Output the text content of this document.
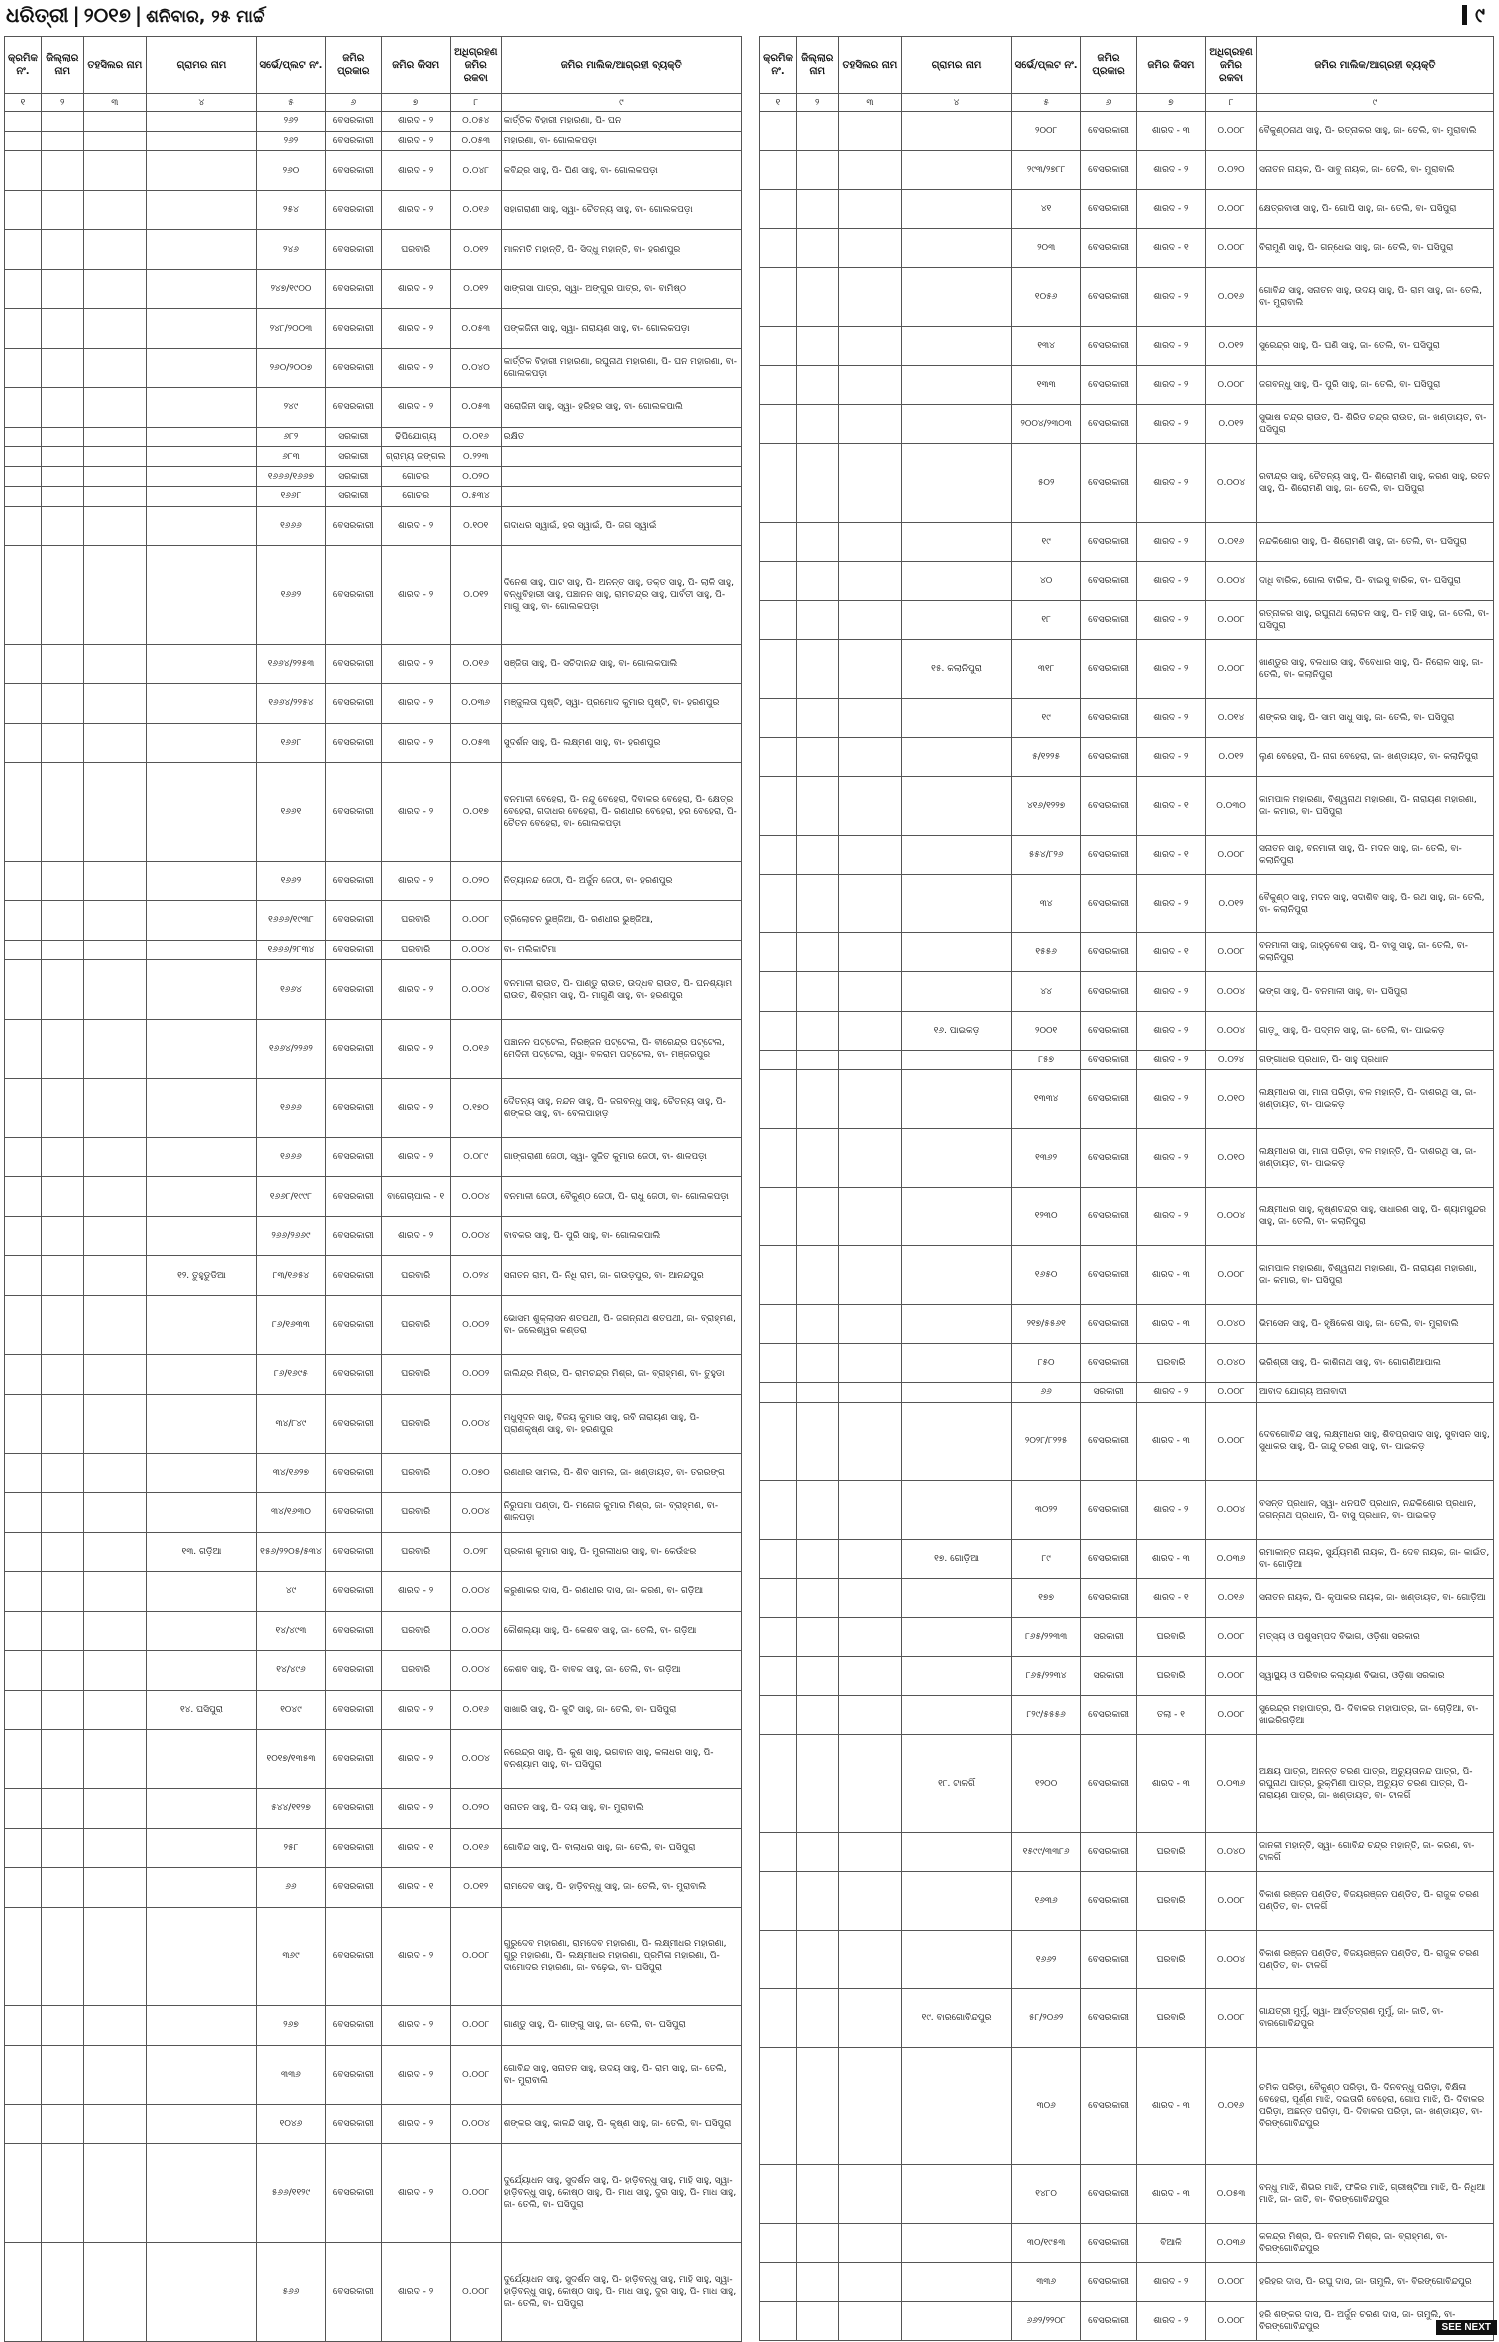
ଧରିତ୍ରୀ | ୨୦୧୭ | ଶନିବାର, ୨୫ ମାର୍ଚ୍ଚ	୯
କ୍ରମିକ ନଂ.	ଜିଲ୍ଲାର ନାମ	ତହସିଲର ନାମ	ଗ୍ରାମର ନାମ	ସର୍ଭେ/ପ୍ଲଟ ନଂ.	ଜମିର ପ୍ରକାର	ଜମିର କିସମ	ଅଧିଗ୍ରହଣ ଜମିର ରକବା	ଜମିର ମାଲିକ/ଆଗ୍ରହୀ ବ୍ୟକ୍ତି
୧	୨	୩	୪	୫	୬	୭	୮	୯
				୨୬୨	ବେସରକାରୀ	ଶାରଦ - ୨	୦.୦୫୪	କାର୍ତ୍ତିକ ବିହାରୀ ମହାରଣା, ପି- ଘନ
				୨୬୨	ବେସରକାରୀ	ଶାରଦ - ୨	୦.୦୫୩	ମହାରଣା, ବା- ଗୋଲକପଡ଼ା
				୨୬୦	ବେସରକାରୀ	ଶାରଦ - ୨	୦.୦୪୮	କବିନ୍ଦ୍ର ସାହୁ, ପି- ଘିଣ ସାହୁ, ବା- ଗୋଲକପଡ଼ା
				୨୫୪	ବେସରକାରୀ	ଶାରଦ - ୨	୦.୦୧୬	ସହାଗରାଣୀ ସାହୁ, ସ୍ୱା- ଚୈତନ୍ୟ ସାହୁ, ବା- ଗୋଲକପଡ଼ା
				୨୪୬	ବେସରକାରୀ	ଘରବାରି	୦.୦୧୨	ମାଳମତି ମହାନ୍ତି, ପି- ସିଦ୍ଧୁ ମହାନ୍ତି, ବା- ହରଣପୁର
				୨୪୭/୧୯୦୦	ବେସରକାରୀ	ଶାରଦ - ୨	୦.୦୧୨	ସାଙ୍ଗସା ପାତ୍ର, ସ୍ୱା- ଅଙ୍ଗୁର ପାତ୍ର, ବା- ବାମିଷ୍ଠ
				୨୪୮/୨୦୦୩	ବେସରକାରୀ	ଶାରଦ - ୨	୦.୦୫୩	ପଙ୍କଜିନୀ ସାହୁ, ସ୍ୱା- ନାରାୟଣ ସାହୁ, ବା- ଗୋଲକପଡ଼ା
				୨୬୦/୨୦୦୭	ବେସରକାରୀ	ଶାରଦ - ୨	୦.୦୪୦	କାର୍ତ୍ତିକ ବିହାରୀ ମହାରଣା, ରଘୁନାଥ ମହାରଣା, ପି- ଘନ ମହାରଣା, ବା- ଗୋଲକପଡ଼ା
				୨୪୯	ବେସରକାରୀ	ଶାରଦ - ୨	୦.୦୫୩	ସରୋଜିନୀ ସାହୁ, ସ୍ୱା- ହରିହର ସାହୁ, ବା- ଗୋଲକପାଲି
				୬୮୨	ସରକାରୀ	ଢିପିଯୋଗ୍ୟ	୦.୦୧୬	ରକ୍ଷିତ
				୬୮୩	ସରକାରୀ	ଗ୍ରାମ୍ୟ ଜଙ୍ଗଲ	୦.୨୨୩	
				୧୬୬୬/୧୬୬୭	ସରକାରୀ	ଗୋଚର	୦.୦୨୦	
				୧୬୬୮	ସରକାରୀ	ଗୋଚର	୦.୫୩୪	
				୧୬୬୬	ବେସରକାରୀ	ଶାରଦ - ୨	୦.୧୦୧	ଗଦାଧର ସ୍ୱାଇଁ, ହର ସ୍ୱାଇଁ, ପି- ଜଗ ସ୍ୱାଇଁ
				୧୬୬୨	ବେସରକାରୀ	ଶାରଦ - ୨	୦.୦୧୨	ଦିନେଶ ସାହୁ, ପାଟ ସାହୁ, ପି- ଅନନ୍ତ ସାହୁ, ଡକ୍ତ ସାହୁ, ପି- ଲାଳି ସାହୁ, ବନ୍ଧୁବିହାରୀ ସାହୁ, ପଞ୍ଚାନନ ସାହୁ, ରାମଚନ୍ଦ୍ର ସାହୁ, ପାର୍ବତୀ ସାହୁ, ପି- ମାଗୁ ସାହୁ, ବା- ଗୋଲକପଡ଼ା
				୧୬୬୪/୨୨୫୩	ବେସରକାରୀ	ଶାରଦ - ୨	୦.୦୧୬	ସଞ୍ଜିତା ସାହୁ, ପି- ସଚିଦାନନ୍ଦ ସାହୁ, ବା- ଗୋଲକପାଲି
				୧୬୬୪/୨୨୫୪	ବେସରକାରୀ	ଶାରଦ - ୨	୦.୦୩୬	ମଞ୍ଜୁଲତା ପୃଷ୍ଟି, ସ୍ୱା- ପ୍ରମୋଦ କୁମାର ପୃଷ୍ଟି, ବା- ହରଣପୁର
				୧୬୬୮	ବେସରକାରୀ	ଶାରଦ - ୨	୦.୦୫୩	ସୁଦର୍ଶନ ସାହୁ, ପି- ଲକ୍ଷ୍ମଣ ସାହୁ, ବା- ହରଣପୁର
				୧୬୬୧	ବେସରକାରୀ	ଶାରଦ - ୨	୦.୦୧୭	ବନମାଳୀ ବେହେରା, ପି- ନନ୍ଦୁ ବେହେରା, ଦିବାକର ବେହେରା, ପି- କ୍ଷେତ୍ର ବେହେରା, ଗଦାଧର ବେହେରା, ପି- ରଣଧୀର ବେହେରା, ହର ବେହେରା, ପି- ଚୈତନ ବେହେରା, ବା- ଗୋଲକପଡ଼ା
				୧୬୬୨	ବେସରକାରୀ	ଶାରଦ - ୨	୦.୦୨୦	ନିତ୍ୟାନନ୍ଦ ଜେଠୀ, ପି- ଅର୍ଜୁନ ଜେଠୀ, ବା- ହରଣପୁର
				୧୬୬୬/୧୯୩୮	ବେସରକାରୀ	ଘରବାରି	୦.୦୦୮	ତ୍ରିଲୋଚନ ଭୁଞ୍ଜିଆ, ପି- ରଣଧୀର ଭୁଞ୍ଜିଆ,
				୧୬୬୬/୨୮୩୪	ବେସରକାରୀ	ଘରବାରି	୦.୦୦୪	ବା- ମଲିକାଟିମା
				୧୬୬୪	ବେସରକାରୀ	ଶାରଦ - ୨	୦.୦୦୪	ବନମାଳୀ ରାଉତ, ପି- ପାଣ୍ଡୁ ରାଉତ, ଉଦ୍ଧବ ରାଉତ, ପି- ଘନଶ୍ୟାମ ରାଉତ, ଶିବ୍ରାମ ସାହୁ, ପି- ମାଗୁଣି ସାହୁ, ବା- ହରଣପୁର
				୧୬୬୪/୨୨୬୨	ବେସରକାରୀ	ଶାରଦ - ୨	୦.୦୧୬	ପଞ୍ଚାନନ ପଟ୍ଟେଲ, ନିରଞ୍ଜନ ପଟ୍ଟେଲ, ପି- ବୀରେନ୍ଦ୍ର ପଟ୍ଟେଲ, ମେଦିନୀ ପଟ୍ଟେଲ, ସ୍ୱା- ବଳରାମ ପଟ୍ଟେଲ, ବା- ମଞ୍ଜରପୁର
				୧୬୬୬	ବେସରକାରୀ	ଶାରଦ - ୨	୦.୧୭୦	ଦୈତନ୍ୟ ସାହୁ, ନନ୍ଦନ ସାହୁ, ପି- ଜଗବନ୍ଧୁ ସାହୁ, ଚୈତନ୍ୟ ସାହୁ, ପି- ଶଙ୍କର ସାହୁ, ବା- ବେଲପାହାଡ଼
				୧୬୬୬	ବେସରକାରୀ	ଶାରଦ - ୨	୦.୦୮୯	ଗାଙ୍ଗରାଣୀ ଜେଠୀ, ସ୍ୱା- ସୁଜିତ କୁମାର ଜେଠୀ, ବା- ଶାଳପଡ଼ା
				୧୬୬୮/୧୯୯୮	ବେସରକାରୀ	ବାଗେଚାପାଲ - ୧	୦.୦୦୪	ବନମାଳୀ ଜେଠୀ, ବୈକୁଣ୍ଠ ଜେଠୀ, ପି- ରାଧୁ ଜେଠୀ, ବା- ଗୋଲକପଡ଼ା
				୨୬୬/୨୬୬୯	ବେସରକାରୀ	ଶାରଦ - ୨	୦.୦୦୪	ବାବକର ସାହୁ, ପି- ପୁରି ସାହୁ, ବା- ଗୋଲକପାଲି
			୧୨. ତୁହୁଡୁଡିଆ	୮୩/୧୬୫୪	ବେସରକାରୀ	ଘରବାରି	୦.୦୨୪	ସନାତନ ରାମ, ପି- ନିଧି ରାମ, ଜା- ଗଉଡ଼ପୁର, ବା- ଆନନ୍ଦପୁର
				୮୬/୧୬୩୩	ବେସରକାରୀ	ଘରବାରି	୦.୦୦୨	ଭୋସମ ଶୁକ୍ଲାସନ ଶତପଥୀ, ପି- ଜଗନ୍ନାଥ ଶତପଥୀ, ଜା- ବ୍ରାହ୍ମଣ, ବା- ଜଲେଶ୍ୱର କଣ୍ଡରା
				୮୬/୧୬୯୫	ବେସରକାରୀ	ଘରବାରି	୦.୦୦୨	ଜାଲିନ୍ଦ୍ର ମିଶ୍ର, ପି- ରାମଚନ୍ଦ୍ର ମିଶ୍ର, ଜା- ବ୍ରାହ୍ମଣ, ବା- ତୁହୁଡା
				୩୪/୮୪୯	ବେସରକାରୀ	ଘରବାରି	୦.୦୦୪	ମଧୁସୂଦନ ସାହୁ, ବିଜୟ କୁମାର ସାହୁ, ରବି ନାରାୟଣ ସାହୁ, ପି- ପ୍ରାଣକୃଷ୍ଣ ସାହୁ, ବା- ହରଣପୁର
				୩୪/୧୬୨୭	ବେସରକାରୀ	ଘରବାରି	୦.୦୭୦	ରଣଧୀର ସାମଲ, ପି- ଶିବ ସାମଲ, ଜା- ଖଣ୍ଡାୟତ, ବା- ତରରଙ୍ଗ
				୩୪/୧୬୩୦	ବେସରକାରୀ	ଘରବାରି	୦.୦୦୪	ନିରୁପମା ପଣ୍ଡା, ପି- ମନୋଜ କୁମାର ମିଶ୍ର, ଜା- ବ୍ରାହ୍ମଣ, ବା- ଶାଳପଡ଼ା
			୧୩. ଗଡ଼ିଆ	୧୫୬/୨୨୦୫/୫୩୪	ବେସରକାରୀ	ଘରବାରି	୦.୦୨୮	ପ୍ରକାଶ କୁମାର ସାହୁ, ପି- ମୁରଲୀଧର ସାହୁ, ବା- କେଉଁଝର
				୪୯	ବେସରକାରୀ	ଶାରଦ - ୨	୦.୦୦୪	କରୁଣାକର ଦାସ, ପି- ରଣଧୀର ଦାସ, ଜା- କରଣ, ବା- ଗଡ଼ିଆ
				୧୪/୪୯୩	ବେସରକାରୀ	ଘରବାରି	୦.୦୦୪	କୌଶଲ୍ୟା ସାହୁ, ପି- କେଶବ ସାହୁ, ଜା- ତେଲି, ବା- ଗଡ଼ିଆ
				୧୪/୪୯୬	ବେସରକାରୀ	ଘରବାରି	୦.୦୦୪	କେଶବ ସାହୁ, ପି- ବାବକ ସାହୁ, ଜା- ତେଲି, ବା- ଗଡ଼ିଆ
			୧୪. ଘସିପୁରା	୧୦୪୯	ବେସରକାରୀ	ଶାରଦ - ୨	୦.୦୧୬	ସାଖାରି ସାହୁ, ପି- କୁଟି ସାହୁ, ଜା- ତେଲି, ବା- ଘସିପୁରା
				୧୦୧୭/୧୩୫୩	ବେସରକାରୀ	ଶାରଦ - ୨	୦.୦୦୪	ନରେନ୍ଦ୍ର ସାହୁ, ପି- କୁଶ ସାହୁ, ଭଗବାନ ସାହୁ, କଳାଧର ସାହୁ, ପି- ବନଶ୍ୟାମ ସାହୁ, ବା- ଘସିପୁରା
				୫୪୪/୧୧୨୭	ବେସରକାରୀ	ଶାରଦ - ୨	୦.୦୨୦	ସନାତନ ସାହୁ, ପି- ଦୟ ସାହୁ, ବା- ମୁରାବାଲି
				୨୫୮	ବେସରକାରୀ	ଶାରଦ - ୧	୦.୦୧୬	ଗୋବିନ୍ଦ ସାହୁ, ପି- ବାଲାଧର ସାହୁ, ଜା- ତେଲି, ବା- ଘସିପୁରା
				୬୬	ବେସରକାରୀ	ଶାରଦ - ୧	୦.୦୧୨	ରାମଦେବ ସାହୁ, ପି- ହାଡ଼ିବନ୍ଧୁ ସାହୁ, ଜା- ତେଲି, ବା- ମୁରାବାଲି
				୩୬୯	ବେସରକାରୀ	ଶାରଦ - ୨	୦.୦୦୮	ଗୁରୁଦେବ ମହାରଣା, ରାମଦେବ ମହାରଣା, ପି- ଲକ୍ଷ୍ମୀଧର ମହାରଣା, ଗୁରୁ ମହାରଣା, ପି- ଲକ୍ଷ୍ମୀଧର ମହାରଣା, ପ୍ରମିଳା ମହାରଣା, ପି- ଦାମୋଦର ମହାରଣା, ଜା- ବଢ଼େଇ, ବା- ଘସିପୁରା
				୨୬୭	ବେସରକାରୀ	ଶାରଦ - ୨	୦.୦୦୮	ଗାଣ୍ଡୁ ସାହୁ, ପି- ଗାଙ୍ଗୁ ସାହୁ, ଜା- ତେଲି, ବା- ଘସିପୁରା
				୩୩୬	ବେସରକାରୀ	ଶାରଦ - ୨	୦.୦୦୮	ଗୋବିନ୍ଦ ସାହୁ, ସନାତନ ସାହୁ, ଉଦୟ ସାହୁ, ପି- ରାମ ସାହୁ, ଜା- ତେଲି, ବା- ମୁରାବାଲି
				୧୦୪୬	ବେସରକାରୀ	ଶାରଦ - ୨	୦.୦୦୪	ଶଙ୍କର ସାହୁ, କାଳନ୍ଦି ସାହୁ, ପି- କୃଷ୍ଣ ସାହୁ, ଜା- ତେଲି, ବା- ଘସିପୁରା
				୫୬୬/୧୧୨୯	ବେସରକାରୀ	ଶାରଦ - ୨	୦.୦୦୮	ଦୁର୍ଯ୍ୟୋଧନ ସାହୁ, ସୁଦର୍ଶନ ସାହୁ, ପି- ହାଡ଼ିବନ୍ଧୁ ସାହୁ, ମାହି ସାହୁ, ସ୍ୱା- ହାଡ଼ିବନ୍ଧୁ ସାହୁ, କୋଷ୍ଠ ସାହୁ, ପି- ମାଧ ସାହୁ, ଦୁର ସାହୁ, ପି- ମାଧ ସାହୁ, ଜା- ତେଲି, ବା- ଘସିପୁରା
				୫୬୬	ବେସରକାରୀ	ଶାରଦ - ୨	୦.୦୦୮	ଦୁର୍ଯ୍ୟୋଧନ ସାହୁ, ସୁଦର୍ଶନ ସାହୁ, ପି- ହାଡ଼ିବନ୍ଧୁ ସାହୁ, ମାହି ସାହୁ, ସ୍ୱା- ହାଡ଼ିବନ୍ଧୁ ସାହୁ, କୋଷ୍ଠ ସାହୁ, ପି- ମାଧ ସାହୁ, ଦୁର ସାହୁ, ପି- ମାଧ ସାହୁ, ଜା- ତେଲି, ବା- ଘସିପୁରା
କ୍ରମିକ ନଂ.	ଜିଲ୍ଲାର ନାମ	ତହସିଲର ନାମ	ଗ୍ରାମର ନାମ	ସର୍ଭେ/ପ୍ଲଟ ନଂ.	ଜମିର ପ୍ରକାର	ଜମିର କିସମ	ଅଧିଗ୍ରହଣ ଜମିର ରକବା	ଜମିର ମାଲିକ/ଆଗ୍ରହୀ ବ୍ୟକ୍ତି
୧	୨	୩	୪	୫	୬	୭	୮	୯
				୨୦୦୮	ବେସରକାରୀ	ଶାରଦ - ୩	୦.୦୦୮	ବୈକୁଣ୍ଠନାଥ ସାହୁ, ପି- ରତ୍ନାକର ସାହୁ, ଜା- ତେଲି, ବା- ମୁରାବାଲି
				୨୯୩/୨୭୮୮	ବେସରକାରୀ	ଶାରଦ - ୨	୦.୦୨୦	ସନାତନ ନାୟକ, ପି- ସାବୁ ନାୟକ, ଜା- ତେଲି, ବା- ମୁରାବାଲି
				୪୧	ବେସରକାରୀ	ଶାରଦ - ୨	୦.୦୦୮	କ୍ଷେତ୍ରବାସୀ ସାହୁ, ପି- ଗୋପି ସାହୁ, ଜା- ତେଲି, ବା- ଘସିପୁରା
				୨୦୩	ବେସରକାରୀ	ଶାରଦ - ୧	୦.୦୦୮	ବିରାମୁଣି ସାହୁ, ପି- ଗନ୍ଧେଇ ସାହୁ, ଜା- ତେଲି, ବା- ଘସିପୁରା
				୧୦୫୬	ବେସରକାରୀ	ଶାରଦ - ୨	୦.୦୧୬	ଗୋବିନ୍ଦ ସାହୁ, ସନାତନ ସାହୁ, ଉଦୟ ସାହୁ, ପି- ରାମ ସାହୁ, ଜା- ତେଲି, ବା- ମୁରାବାଲି
				୧୩୪	ବେସରକାରୀ	ଶାରଦ - ୨	୦.୦୧୨	ସୁରେନ୍ଦ୍ର ସାହୁ, ପି- ଘଣି ସାହୁ, ଜା- ତେଲି, ବା- ଘସିପୁରା
				୧୩୩	ବେସରକାରୀ	ଶାରଦ - ୨	୦.୦୦୮	ଜଗବନ୍ଧୁ ସାହୁ, ପି- ପୁରି ସାହୁ, ଜା- ତେଲି, ବା- ଘସିପୁରା
				୨୦୦୪/୨୩୦୩	ବେସରକାରୀ	ଶାରଦ - ୨	୦.୦୧୨	ସୁଭାଷ ଚନ୍ଦ୍ର ରାଉତ, ପି- ଶିରିଡ ଚନ୍ଦ୍ର ରାଉତ, ଜା- ଖଣ୍ଡାୟତ, ବା- ଘସିପୁରା
				୫୦୨	ବେସରକାରୀ	ଶାରଦ - ୨	୦.୦୦୪	ରବୀନ୍ଦ୍ର ସାହୁ, ଚୈତନ୍ୟ ସାହୁ, ପି- ଶିରୋମଣି ସାହୁ, କରଣ ସାହୁ, ରତନ ସାହୁ, ପି- ଶିରୋମଣି ସାହୁ, ଜା- ତେଲି, ବା- ଘସିପୁରା
				୧୯	ବେସରକାରୀ	ଶାରଦ - ୨	୦.୦୧୬	ନନ୍ଦକିଶୋର ସାହୁ, ପି- ଶିରୋମଣି ସାହୁ, ଜା- ତେଲି, ବା- ଘସିପୁରା
				୪୦	ବେସରକାରୀ	ଶାରଦ - ୨	୦.୦୦୪	ଦାଧି ବାରିକ, ଗୋଲ ବାରିକ, ପି- ବାଇସୁ ବାରିକ, ବା- ଘସିପୁରା
				୧୮	ବେସରକାରୀ	ଶାରଦ - ୨	୦.୦୦୮	ରତ୍ନାକର ସାହୁ, ରଘୁନାଥ ଲୋଚନ ସାହୁ, ପି- ମହି ସାହୁ, ଜା- ତେଲି, ବା- ଘସିପୁରା
			୧୫. କଲାନିପୁରା	୩୧୮	ବେସରକାରୀ	ଶାରଦ - ୨	୦.୦୦୮	ଖାଣ୍ଡୁର ସାହୁ, ବଳଧାର ସାହୁ, ବିବେଧାର ସାହୁ, ପି- ନିରୋଳ ସାହୁ, ଜା- ତେଲି, ବା- କଲାନିପୁରା
				୧୯	ବେସରକାରୀ	ଶାରଦ - ୨	୦.୦୧୪	ଶଙ୍କର ସାହୁ, ପି- ସାମ ସାଧୁ ସାହୁ, ଜା- ତେଲି, ବା- ଘସିପୁରା
				୫/୧୨୨୫	ବେସରକାରୀ	ଶାରଦ - ୨	୦.୦୧୨	ଲୁଣ ବେହେରା, ପି- ନାଗ ବେହେରା, ଜା- ଖଣ୍ଡାୟତ, ବା- କଲାନିପୁରା
				୪୧୬/୧୨୨୭	ବେସରକାରୀ	ଶାରଦ - ୧	୦.୦୩୦	କାମପାଳ ମହାରଣା, ବିଶ୍ୱନାଥ ମହାରଣା, ପି- ନାରାୟଣ ମହାରଣା, ଜା- କମାର, ବା- ଘସିପୁରା
				୫୫୪/୮୨୬	ବେସରକାରୀ	ଶାରଦ - ୧	୦.୦୦୮	ସନାତନ ସାହୁ, ବନମାଳୀ ସାହୁ, ପି- ମଦନ ସାହୁ, ଜା- ତେଲି, ବା- କଲାନିପୁରା
				୩୪	ବେସରକାରୀ	ଶାରଦ - ୨	୦.୦୧୨	ବୈକୁଣ୍ଠ ସାହୁ, ମଦନ ସାହୁ, ସଦାଶିବ ସାହୁ, ପି- ରଥ ସାହୁ, ଜା- ତେଲି, ବା- କଲାନିପୁରା
				୧୫୫୬	ବେସରକାରୀ	ଶାରଦ - ୧	୦.୦୦୮	ବନମାଳୀ ସାହୁ, ଜାହ୍ନୁବେଶ ସାହୁ, ପି- ବାସୁ ସାହୁ, ଜା- ତେଲି, ବା- କଲାନିପୁରା
				୪୪	ବେସରକାରୀ	ଶାରଦ - ୨	୦.୦୦୪	ଭଙ୍ଗ ସାହୁ, ପି- ବନମାଳୀ ସାହୁ, ବା- ଘସିପୁରା
			୧୬. ପାଇକଡ଼	୨୦୦୧	ବେସରକାରୀ	ଶାରଦ - ୨	୦.୦୦୪	ଗାଡ଼ୁ ସାହୁ, ପି- ପଦ୍ମନ ସାହୁ, ଜା- ତେଲି, ବା- ପାଇକଡ଼
				୮୫୭	ବେସରକାରୀ	ଶାରଦ - ୨	୦.୦୨୪	ଗଙ୍ଗାଧର ପ୍ରଧାନ, ପି- ସାହୁ ପ୍ରଧାନ
				୧୩୩୪	ବେସରକାରୀ	ଶାରଦ - ୨	୦.୦୧୦	ଲକ୍ଷ୍ମୀଧର ସା, ମାନା ପରିଡ଼ା, ବଳ ମହାନ୍ତି, ପି- ଦାଶରଥି ସା, ଜା- ଖଣ୍ଡାୟତ, ବା- ପାଇକଡ଼
				୧୩୬୨	ବେସରକାରୀ	ଶାରଦ - ୨	୦.୦୧୦	ଲକ୍ଷ୍ମୀଧର ସା, ମାନା ପରିଡ଼ା, ବଳ ମହାନ୍ତି, ପି- ଦାଶରଥି ସା, ଜା- ଖଣ୍ଡାୟତ, ବା- ପାଇକଡ଼
				୧୨୩୦	ବେସରକାରୀ	ଶାରଦ - ୨	୦.୦୦୪	ଲକ୍ଷ୍ମୀଧର ସାହୁ, କୃଷ୍ଣଚନ୍ଦ୍ର ସାହୁ, ସାଧାରଣ ସାହୁ, ପି- ଶ୍ୟାମସୁନ୍ଦର ସାହୁ, ଜା- ତେଲି, ବା- କଲାନିପୁରା
				୧୬୫୦	ବେସରକାରୀ	ଶାରଦ - ୩	୦.୦୦୮	କାମପାଳ ମହାରଣା, ବିଶ୍ୱନାଥ ମହାରଣା, ପି- ନାରାୟଣ ମହାରଣା, ଜା- କମାର, ବା- ଘସିପୁରା
				୨୧୭/୫୫୬୧	ବେସରକାରୀ	ଶାରଦ - ୩	୦.୦୪୦	ଭିମସେନ ସାହୁ, ପି- ହୃଷିକେଶ ସାହୁ, ଜା- ତେଲି, ବା- ମୁରାବାଲି
				୮୫୦	ବେସରକାରୀ	ଘରବାରି	୦.୦୪୦	ଭରିଶ୍ରୀ ସାହୁ, ପି- କାଶିନାଥ ସାହୁ, ବା- ଗୋଗଣିଆପାଲ
				୬୬	ସରକାରୀ	ଶାରଦ - ୨	୦.୦୦୮	ଆବାଦ ଯୋଗ୍ୟ ଅନାବାଦୀ
				୨୦୨୮/୮୨୨୫	ବେସରକାରୀ	ଶାରଦ - ୩	୦.୦୦୮	ଦେବଗୋବିନ୍ଦ ସାହୁ, ଲକ୍ଷ୍ମୀଧର ସାହୁ, ଶିବପ୍ରସାଦ ସାହୁ, ସୁବାସନ ସାହୁ, ସୁଧାକର ସାହୁ, ପି- ଜାନ୍ଦୁ ଚରଣ ସାହୁ, ବା- ପାଇକଡ଼
				୩୦୨୨	ବେସରକାରୀ	ଶାରଦ - ୨	୦.୦୦୪	ବସନ୍ତ ପ୍ରଧାନ, ସ୍ୱା- ଧନପତି ପ୍ରଧାନ, ନନ୍ଦକିଶୋର ପ୍ରଧାନ, ଜଗନ୍ନାଥ ପ୍ରଧାନ, ପି- ବାସୁ ପ୍ରଧାନ, ବା- ପାଇକଡ଼
			୧୭. ଗୋଡ଼ିଆ	୮୯	ବେସରକାରୀ	ଶାରଦ - ୩	୦.୦୩୬	ରମାକାନ୍ତ ନାୟକ, ସୁର୍ଯ୍ୟମଣି ନାୟକ, ପି- ଦେବ ନାୟକ, ଜା- କାଇଁତ, ବା- ଗୋଡ଼ିଆ
				୧୭୭	ବେସରକାରୀ	ଶାରଦ - ୧	୦.୦୧୬	ସନାତନ ନାୟକ, ପି- କୃପାକର ନାୟକ, ଜା- ଖଣ୍ଡାୟତ, ବା- ଗୋଡ଼ିଆ
				୮୬୫/୨୨୩୩	ସରକାରୀ	ଘରବାରି	୦.୦୦୮	ମତ୍ସ୍ୟ ଓ ପଶୁସମ୍ପଦ ବିଭାଗ, ଓଡ଼ିଶା ସରକାର
				୮୬୫/୨୨୩୪	ସରକାରୀ	ଘରବାରି	୦.୦୦୮	ସ୍ୱାସ୍ଥ୍ୟ ଓ ପରିବାର କଲ୍ୟାଣ ବିଭାଗ, ଓଡ଼ିଶା ସରକାର
				୮୨୯/୫୫୫୬	ବେସରକାରୀ	ତଲା - ୧	୦.୦୦୮	ସୁରେନ୍ଦ୍ର ମହାପାତ୍ର, ପି- ଦିବାକର ମହାପାତ୍ର, ଜା- ଚୋଡ଼ିଆ, ବା- ଖାଇରିଗଡ଼ିଆ
			୧୮. ଟାଳଗିଁ	୧୨୦୦	ବେସରକାରୀ	ଶାରଦ - ୩	୦.୦୩୬	ଅକ୍ଷୟ ପାତ୍ର, ଅନନ୍ତ ଚରଣ ପାତ୍ର, ଅଚ୍ୟୁତାନନ୍ଦ ପାତ୍ର, ପି- ରଘୁନାଥ ପାତ୍ର, ରୁକ୍ମିଣୀ ପାତ୍ର, ଅଚ୍ୟୁତ ଚରଣ ପାତ୍ର, ପି- ନାରାୟଣ ପାତ୍ର, ଜା- ଖଣ୍ଡାୟତ, ବା- ଟାଳଗିଁ
				୧୫୯୯/୩୩୮୬	ବେସରକାରୀ	ଘରବାରି	୦.୦୪୦	ଜାନକୀ ମହାନ୍ତି, ସ୍ୱା- ଗୋବିନ୍ଦ ଚନ୍ଦ୍ର ମହାନ୍ତି, ଜା- କରଣ, ବା- ଟାଳଗିଁ
				୧୬୩୬	ବେସରକାରୀ	ଘରବାରି	୦.୦୦୮	ବିକାଶ ରଞ୍ଜନ ପଣ୍ଡିତ, ବିଜୟରଞ୍ଜନ ପଣ୍ଡିତ, ପି- ରାଜୁକ ଚରଣ ପଣ୍ଡିତ, ବା- ଟାଳଗିଁ
				୧୬୬୨	ବେସରକାରୀ	ଘରବାରି	୦.୦୦୪	ବିକାଶ ରଞ୍ଜନ ପଣ୍ଡିତ, ବିଜୟରଞ୍ଜନ ପଣ୍ଡିତ, ପି- ରାଜୁକ ଚରଣ ପଣ୍ଡିତ, ବା- ଟାଳଗିଁ
			୧୯. ବାରଗୋବିନ୍ଦପୁର	୫୮/୨୦୬୨	ବେସରକାରୀ	ଘରବାରି	୦.୦୦୮	ଗାଯତ୍ରୀ ମୁର୍ମୁ, ସ୍ୱା- ଆର୍ତ୍ତତ୍ରାଣ ମୁର୍ମୁ, ଜା- ଜାତି, ବା- ବାରଗୋବିନ୍ଦପୁର
				୩୦୬	ବେସରକାରୀ	ଶାରଦ - ୩	୦.୦୧୬	ଚମିକ ପରିଡ଼ା, ବୈକୁଣ୍ଠ ପରିଡ଼ା, ପି- ଦିନବନ୍ଧୁ ପରିଡ଼ା, ବିକ୍ଷିଳା ବେହେରା, ପୂର୍ଣ୍ଣ ମାଝି, ଦଇତାରି ବେହେରା, ଗୋପ ମାଝି, ପି- ଦିବାକର ପରିଡ଼ା, ଅଛନ୍ତ ପରିଡ଼ା, ପି- ଦିବାକର ପରିଡ଼ା, ଜା- ଖଣ୍ଡାୟତ, ବା- ବିରଙ୍ଗୋବିନ୍ଦପୁର
				୧୪୮୦	ବେସରକାରୀ	ଶାରଦ - ୩	୦.୦୫୩	ବନ୍ଧୁ ମାଝି, ଶିଭର ମାଝି, ଫକିର ମାଝି, ଗ୍ରୀଷ୍ଟିଆ ମାଝି, ପି- ନିଧିଆ ମାଝି, ଜା- ଜାତି, ବା- ବିରଙ୍ଗୋବିନ୍ଦପୁର
				୩୦/୧୯୫୩	ବେସରକାରୀ	ବିଆଳି	୦.୦୩୬	କଳନ୍ଦ୍ର ମିଶ୍ର, ପି- ବନମାଳି ମିଶ୍ର, ଜା- ବ୍ରାହ୍ମଣ, ବା- ବିରଙ୍ଗୋବିନ୍ଦପୁର
				୩୩୬	ବେସରକାରୀ	ଶାରଦ - ୨	୦.୦୦୮	ହରିହର ଦାସ, ପି- ରଘୁ ଦାସ, ଜା- ତାମୁଲି, ବା- ବିରଙ୍ଗୋବିନ୍ଦପୁର
				୬୬୨/୨୨୦୮	ବେସରକାରୀ	ଶାରଦ - ୨	୦.୦୦୮	ହରି ଶଙ୍କର ଦାସ, ପି- ଅର୍ଜୁନ ଚରଣ ଦାସ, ଜା- ତାମୁଲି, ବା- ବିରଙ୍ଗୋବିନ୍ଦପୁର	SEE NEXT
